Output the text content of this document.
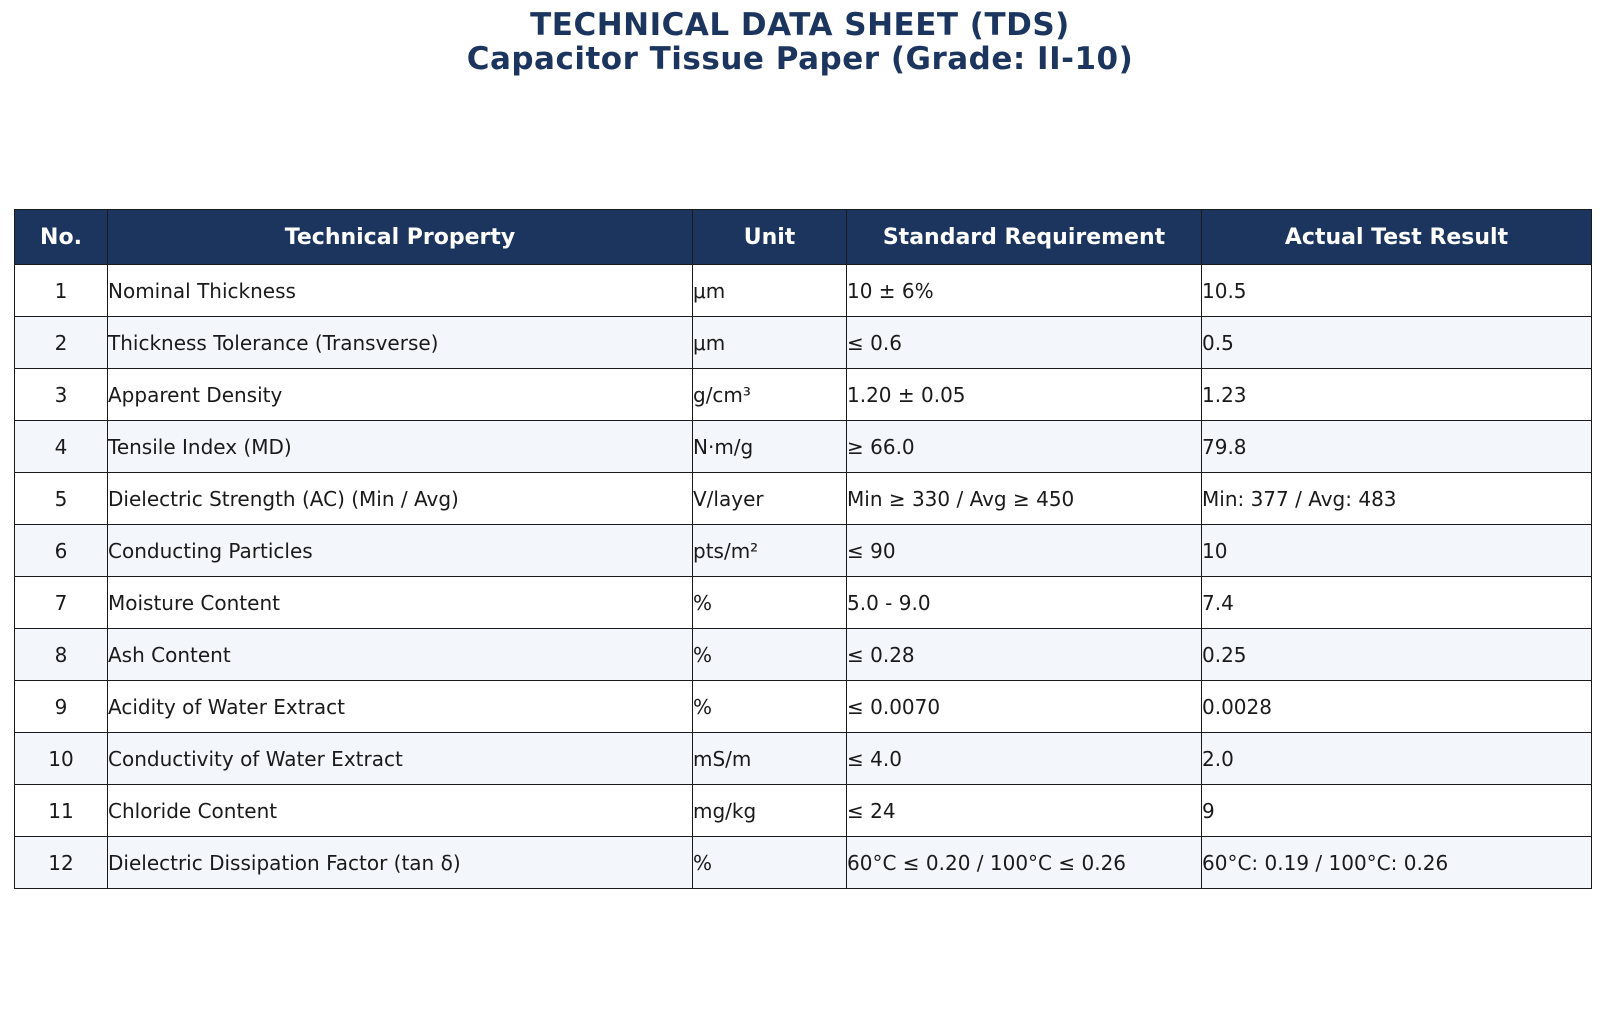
TECHNICAL DATA SHEET (TDS)
Capacitor Tissue Paper (Grade: II-10)
No.	Technical Property	Unit	Standard Requirement	Actual Test Result
1	Nominal Thickness	μm	10 ± 6%	10.5
2	Thickness Tolerance (Transverse)	μm	≤ 0.6	0.5
3	Apparent Density	g/cm³	1.20 ± 0.05	1.23
4	Tensile Index (MD)	N·m/g	≥ 66.0	79.8
5	Dielectric Strength (AC) (Min / Avg)	V/layer	Min ≥ 330 / Avg ≥ 450	Min: 377 / Avg: 483
6	Conducting Particles	pts/m²	≤ 90	10
7	Moisture Content	%	5.0 - 9.0	7.4
8	Ash Content	%	≤ 0.28	0.25
9	Acidity of Water Extract	%	≤ 0.0070	0.0028
10	Conductivity of Water Extract	mS/m	≤ 4.0	2.0
11	Chloride Content	mg/kg	≤ 24	9
12	Dielectric Dissipation Factor (tan δ)	%	60°C ≤ 0.20 / 100°C ≤ 0.26	60°C: 0.19 / 100°C: 0.26
